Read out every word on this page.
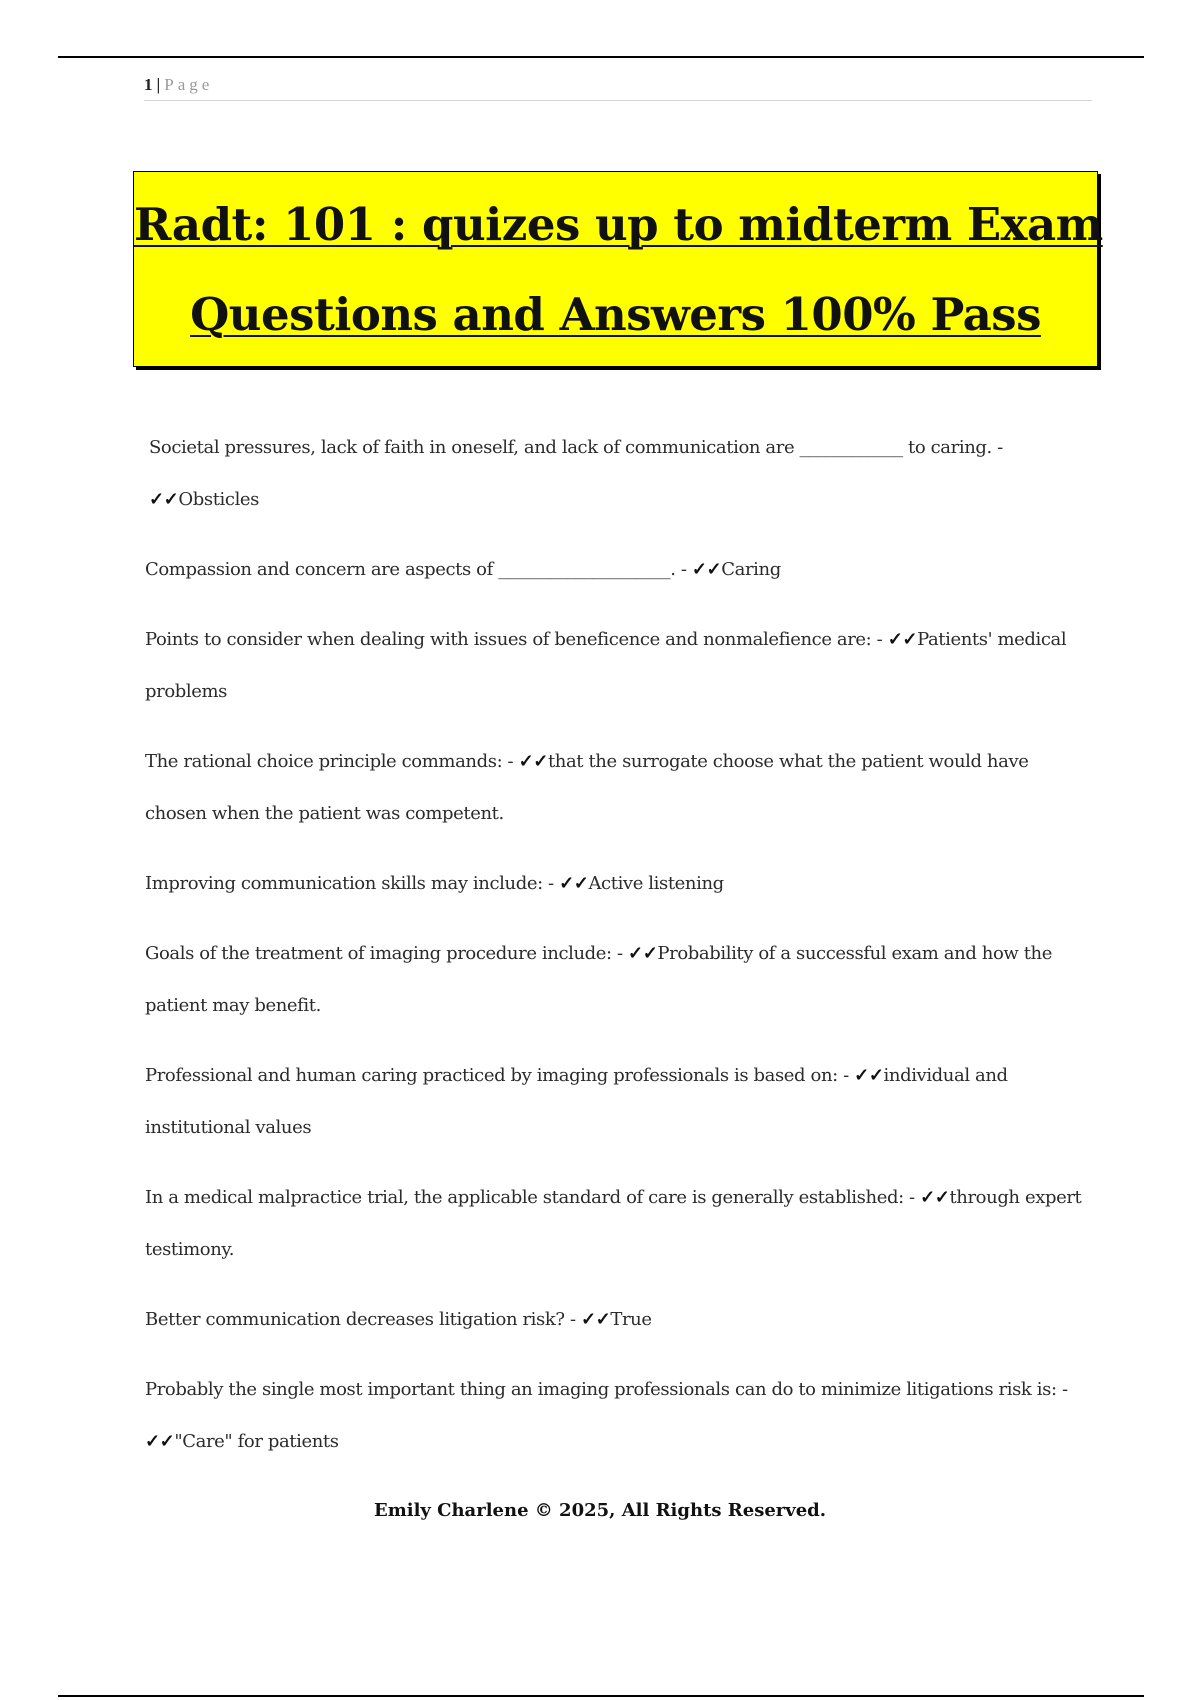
1 | Page
Radt: 101 : quizes up to midterm Exam
Questions and Answers 100% Pass
Societal pressures, lack of faith in oneself, and lack of communication are ____________ to caring. - ✓✓Obsticles
Compassion and concern are aspects of ____________________. - ✓✓Caring
Points to consider when dealing with issues of beneficence and nonmalefience are: - ✓✓Patients' medical problems
The rational choice principle commands: - ✓✓that the surrogate choose what the patient would have chosen when the patient was competent.
Improving communication skills may include: - ✓✓Active listening
Goals of the treatment of imaging procedure include: - ✓✓Probability of a successful exam and how the patient may benefit.
Professional and human caring practiced by imaging professionals is based on: - ✓✓individual and institutional values
In a medical malpractice trial, the applicable standard of care is generally established: - ✓✓through expert testimony.
Better communication decreases litigation risk? - ✓✓True
Probably the single most important thing an imaging professionals can do to minimize litigations risk is: - ✓✓"Care" for patients
Emily Charlene © 2025, All Rights Reserved.
